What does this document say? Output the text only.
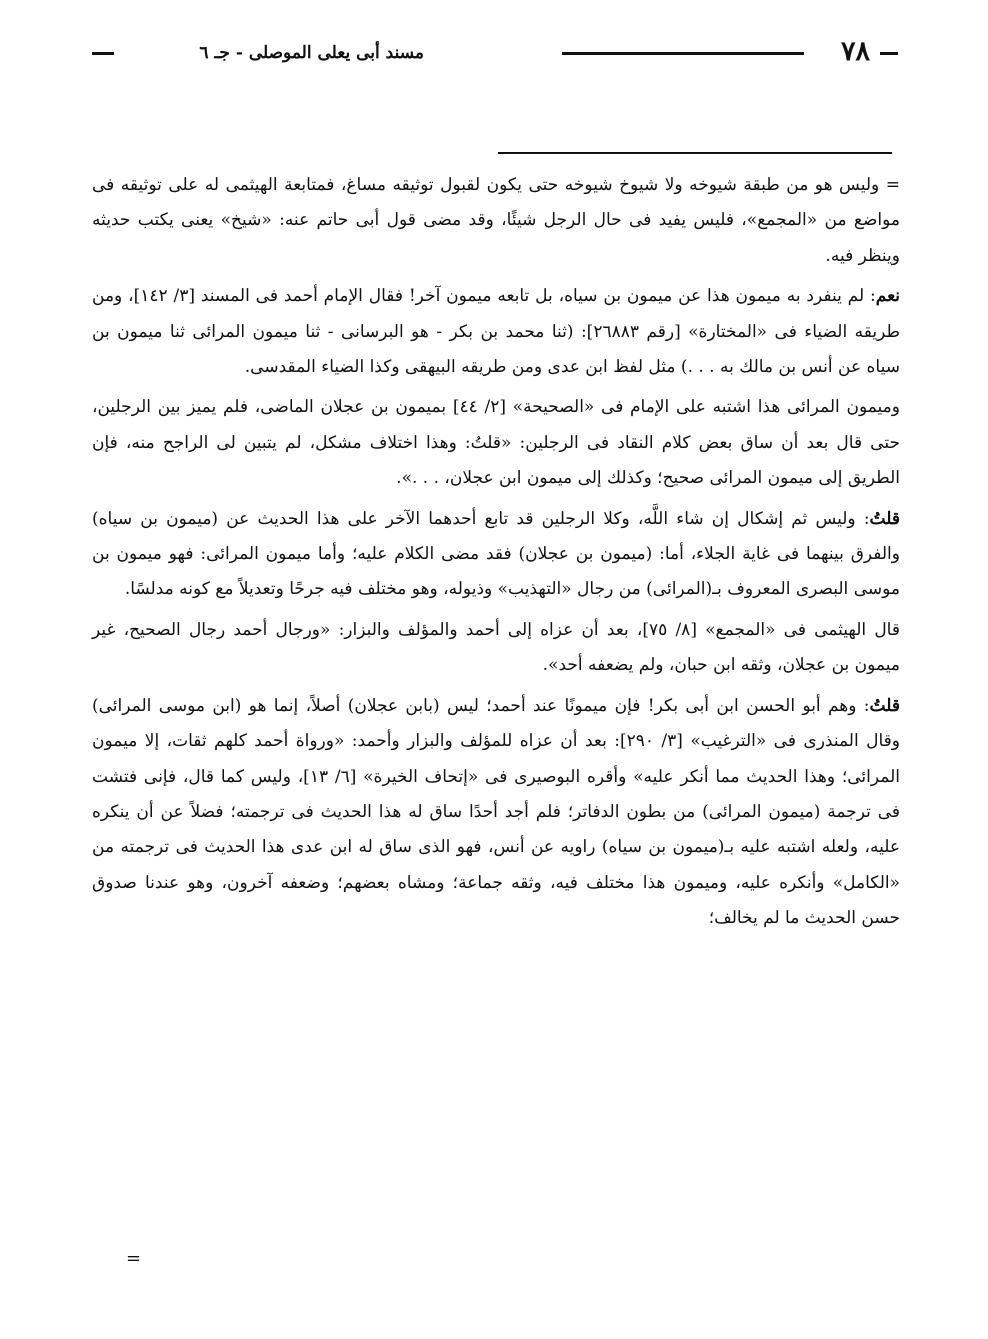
٧٨
مسند أبى يعلى الموصلى - جـ ٦

= وليس هو من طبقة شيوخه ولا شيوخ شيوخه حتى يكون لقبول توثيقه مساغ، فمتابعة الهيثمى له على توثيقه فى مواضع من «المجمع»، فليس يفيد فى حال الرجل شيئًا، وقد مضى قول أبى حاتم عنه: «شيخ» يعنى يكتب حديثه وينظر فيه.

نعم: لم ينفرد به ميمون هذا عن ميمون بن سياه، بل تابعه ميمون آخر! فقال الإمام أحمد فى المسند [٣/ ١٤٢]، ومن طريقه الضياء فى «المختارة» [رقم ٢٦٨٨٣]: (ثنا محمد بن بكر - هو البرسانى - ثنا ميمون المرائى ثنا ميمون بن سياه عن أنس بن مالك به . . .) مثل لفظ ابن عدى ومن طريقه البيهقى وكذا الضياء المقدسى.

وميمون المرائى هذا اشتبه على الإمام فى «الصحيحة» [٢/ ٤٤] بميمون بن عجلان الماضى، فلم يميز بين الرجلين، حتى قال بعد أن ساق بعض كلام النقاد فى الرجلين: «قلتُ: وهذا اختلاف مشكل، لم يتبين لى الراجح منه، فإن الطريق إلى ميمون المرائى صحيح؛ وكذلك إلى ميمون ابن عجلان، . . .».

قلتُ: وليس ثم إشكال إن شاء اللَّه، وكلا الرجلين قد تابع أحدهما الآخر على هذا الحديث عن (ميمون بن سياه) والفرق بينهما فى غاية الجلاء، أما: (ميمون بن عجلان) فقد مضى الكلام عليه؛ وأما ميمون المرائى: فهو ميمون بن موسى البصرى المعروف بـ(المرائى) من رجال «التهذيب» وذيوله، وهو مختلف فيه جرحًا وتعديلاً مع كونه مدلسًا.

قال الهيثمى فى «المجمع» [٨/ ٧٥]، بعد أن عزاه إلى أحمد والمؤلف والبزار: «ورجال أحمد رجال الصحيح، غير ميمون بن عجلان، وثقه ابن حبان، ولم يضعفه أحد».

قلتُ: وهم أبو الحسن ابن أبى بكر! فإن ميمونًا عند أحمد؛ ليس (بابن عجلان) أصلاً، إنما هو (ابن موسى المرائى) وقال المنذرى فى «الترغيب» [٣/ ٢٩٠]: بعد أن عزاه للمؤلف والبزار وأحمد: «ورواة أحمد كلهم ثقات، إلا ميمون المرائى؛ وهذا الحديث مما أنكر عليه» وأقره البوصيرى فى «إتحاف الخيرة» [٦/ ١٣]، وليس كما قال، فإنى فتشت فى ترجمة (ميمون المرائى) من بطون الدفاتر؛ فلم أجد أحدًا ساق له هذا الحديث فى ترجمته؛ فضلاً عن أن ينكره عليه، ولعله اشتبه عليه بـ(ميمون بن سياه) راويه عن أنس، فهو الذى ساق له ابن عدى هذا الحديث فى ترجمته من «الكامل» وأنكره عليه، وميمون هذا مختلف فيه، وثقه جماعة؛ ومشاه بعضهم؛ وضعفه آخرون، وهو عندنا صدوق حسن الحديث ما لم يخالف؛

=
